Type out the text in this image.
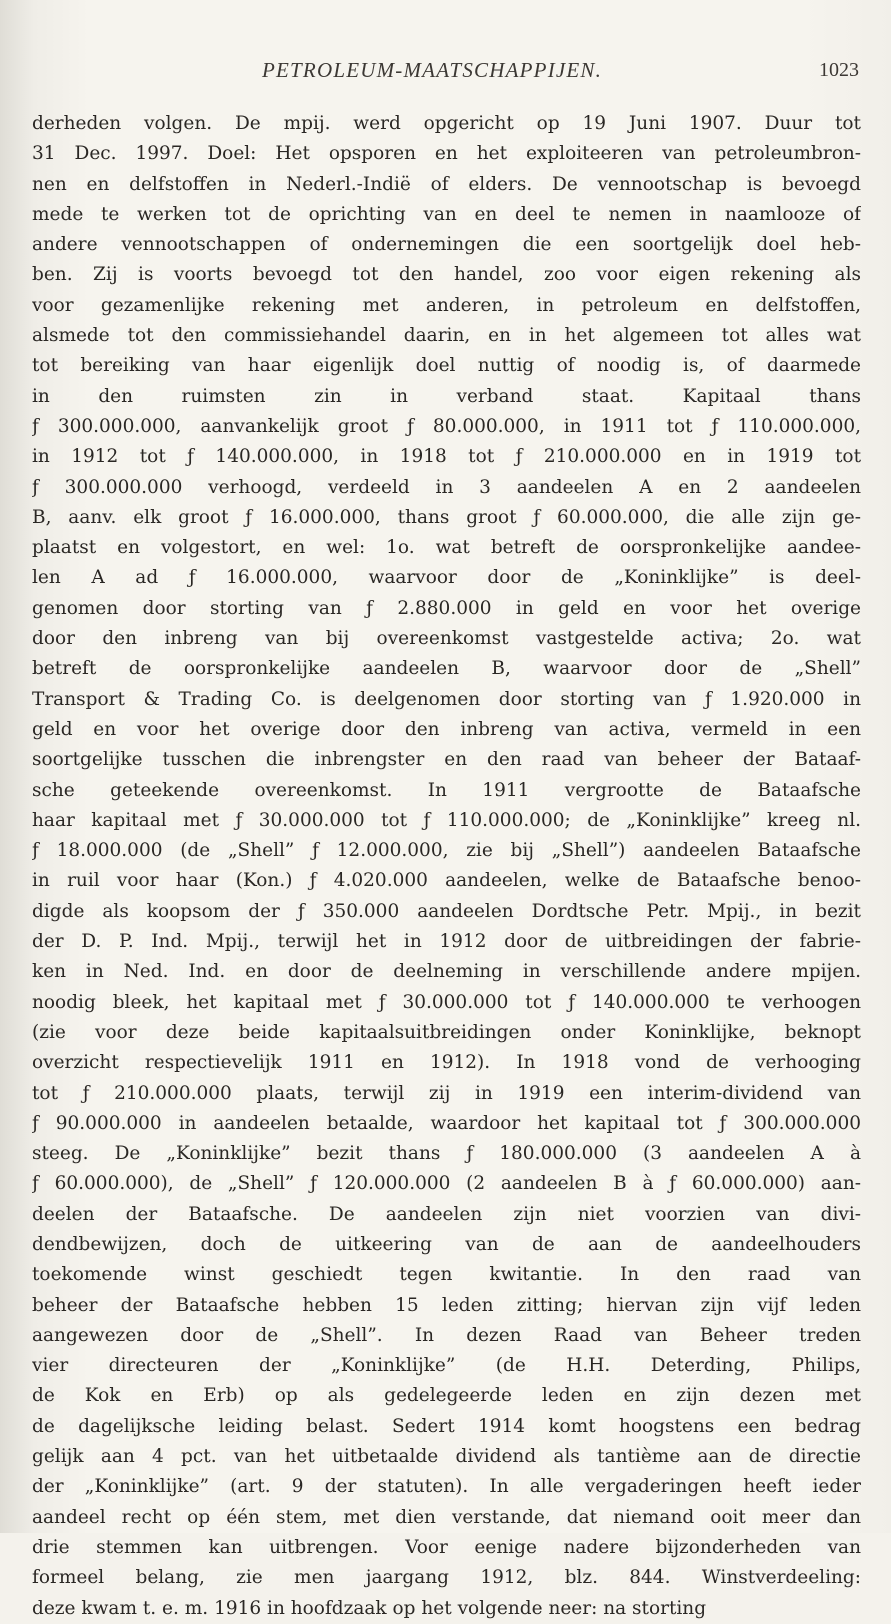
PETROLEUM-MAATSCHAPPIJEN.	1023
derheden volgen. De mpij. werd opgericht op 19 Juni 1907. Duur tot
31 Dec. 1997. Doel: Het opsporen en het exploiteeren van petroleumbron-
nen en delfstoffen in Nederl.-Indië of elders. De vennootschap is bevoegd
mede te werken tot de oprichting van en deel te nemen in naamlooze of
andere vennootschappen of ondernemingen die een soortgelijk doel heb-
ben. Zij is voorts bevoegd tot den handel, zoo voor eigen rekening als
voor gezamenlijke rekening met anderen, in petroleum en delfstoffen,
alsmede tot den commissiehandel daarin, en in het algemeen tot alles wat
tot bereiking van haar eigenlijk doel nuttig of noodig is, of daarmede
in den ruimsten zin in verband staat. Kapitaal thans
ƒ 300.000.000, aanvankelijk groot ƒ 80.000.000, in 1911 tot ƒ 110.000.000,
in 1912 tot ƒ 140.000.000, in 1918 tot ƒ 210.000.000 en in 1919 tot
ƒ 300.000.000 verhoogd, verdeeld in 3 aandeelen A en 2 aandeelen
B, aanv. elk groot ƒ 16.000.000, thans groot ƒ 60.000.000, die alle zijn ge-
plaatst en volgestort, en wel: 1o. wat betreft de oorspronkelijke aandee-
len A ad ƒ 16.000.000, waarvoor door de „Koninklijke” is deel-
genomen door storting van ƒ 2.880.000 in geld en voor het overige
door den inbreng van bij overeenkomst vastgestelde activa; 2o. wat
betreft de oorspronkelijke aandeelen B, waarvoor door de „Shell”
Transport & Trading Co. is deelgenomen door storting van ƒ 1.920.000 in
geld en voor het overige door den inbreng van activa, vermeld in een
soortgelijke tusschen die inbrengster en den raad van beheer der Bataaf-
sche geteekende overeenkomst. In 1911 vergrootte de Bataafsche
haar kapitaal met ƒ 30.000.000 tot ƒ 110.000.000; de „Koninklijke” kreeg nl.
ƒ 18.000.000 (de „Shell” ƒ 12.000.000, zie bij „Shell”) aandeelen Bataafsche
in ruil voor haar (Kon.) ƒ 4.020.000 aandeelen, welke de Bataafsche benoo-
digde als koopsom der ƒ 350.000 aandeelen Dordtsche Petr. Mpij., in bezit
der D. P. Ind. Mpij., terwijl het in 1912 door de uitbreidingen der fabrie-
ken in Ned. Ind. en door de deelneming in verschillende andere mpijen.
noodig bleek, het kapitaal met ƒ 30.000.000 tot ƒ 140.000.000 te verhoogen
(zie voor deze beide kapitaalsuitbreidingen onder Koninklijke, beknopt
overzicht respectievelijk 1911 en 1912). In 1918 vond de verhooging
tot ƒ 210.000.000 plaats, terwijl zij in 1919 een interim-dividend van
ƒ 90.000.000 in aandeelen betaalde, waardoor het kapitaal tot ƒ 300.000.000
steeg. De „Koninklijke” bezit thans ƒ 180.000.000 (3 aandeelen A à
ƒ 60.000.000), de „Shell” ƒ 120.000.000 (2 aandeelen B à ƒ 60.000.000) aan-
deelen der Bataafsche. De aandeelen zijn niet voorzien van divi-
dendbewijzen, doch de uitkeering van de aan de aandeelhouders
toekomende winst geschiedt tegen kwitantie. In den raad van
beheer der Bataafsche hebben 15 leden zitting; hiervan zijn vijf leden
aangewezen door de „Shell”. In dezen Raad van Beheer treden
vier directeuren der „Koninklijke” (de H.H. Deterding, Philips,
de Kok en Erb) op als gedelegeerde leden en zijn dezen met
de dagelijksche leiding belast. Sedert 1914 komt hoogstens een bedrag
gelijk aan 4 pct. van het uitbetaalde dividend als tantième aan de directie
der „Koninklijke” (art. 9 der statuten). In alle vergaderingen heeft ieder
aandeel recht op één stem, met dien verstande, dat niemand ooit meer dan
drie stemmen kan uitbrengen. Voor eenige nadere bijzonderheden van
formeel belang, zie men jaargang 1912, blz. 844. Winstverdeeling:
deze kwam t. e. m. 1916 in hoofdzaak op het volgende neer: na storting
